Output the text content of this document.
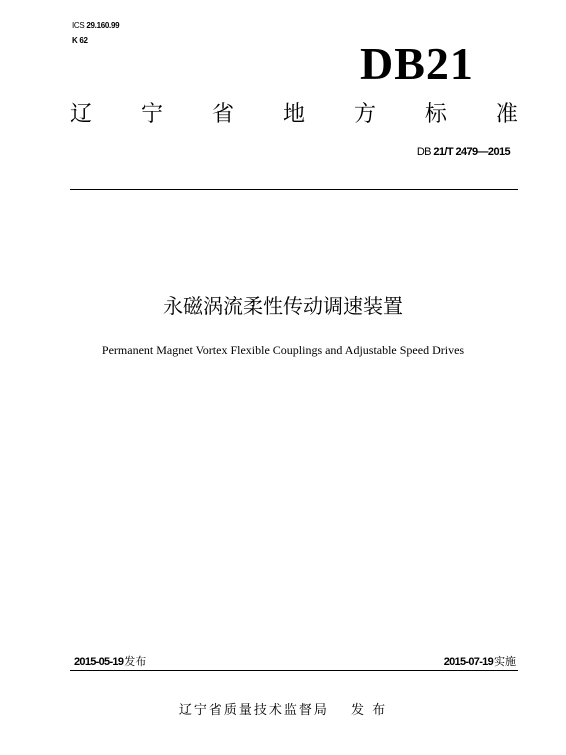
ICS 29.160.99
K 62	DB21
辽 宁 省 地 方 标 准
DB 21/T 2479—2015
永磁涡流柔性传动调速装置
Permanent Magnet Vortex Flexible Couplings and Adjustable Speed Drives
2015-05-19发布	2015-07-19实施
辽宁省质量技术监督局 发 布
